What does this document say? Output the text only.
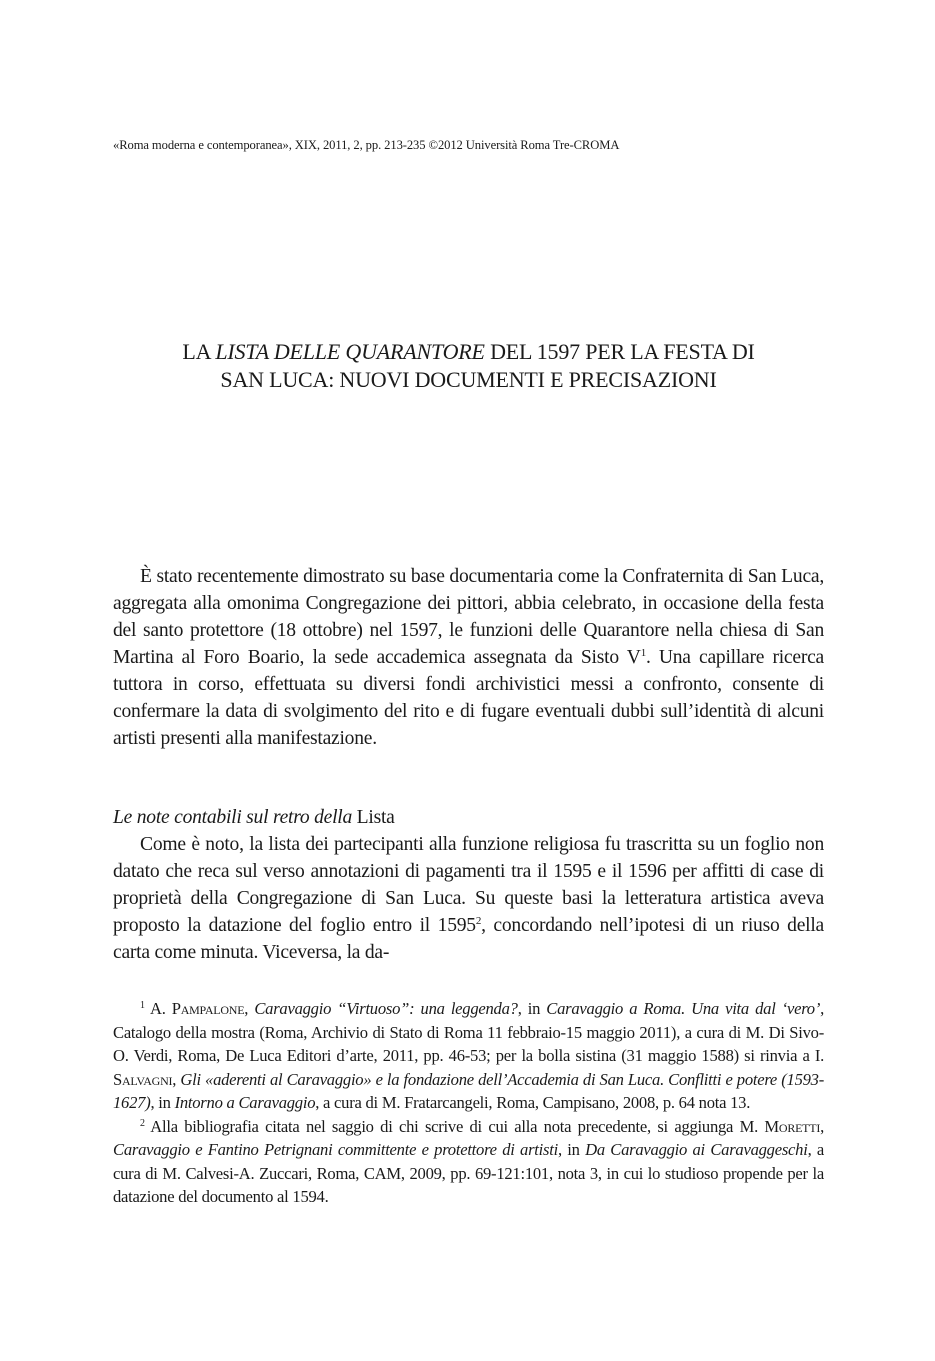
«Roma moderna e contemporanea», XIX, 2011, 2, pp. 213-235 ©2012 Università Roma Tre-CROMA
LA LISTA DELLE QUARANTORE DEL 1597 PER LA FESTA DI
SAN LUCA: NUOVI DOCUMENTI E PRECISAZIONI

È stato recentemente dimostrato su base documentaria come la Confraternita di San Luca, aggregata alla omonima Congregazione dei pittori, abbia celebrato, in occasione della festa del santo protettore (18 ottobre) nel 1597, le funzioni delle Quarantore nella chiesa di San Martina al Foro Boario, la sede accademica assegnata da Sisto $V^1$. Una capillare ricerca tuttora in corso, effettuata su diversi fondi archivistici messi a confronto, consente di confermare la data di svolgimento del rito e di fugare eventuali dubbi sull’identità di alcuni artisti presenti alla manifestazione.

Le note contabili sul retro della Lista

Come è noto, la lista dei partecipanti alla funzione religiosa fu trascritta su un foglio non datato che reca sul verso annotazioni di pagamenti tra il 1595 e il 1596 per affitti di case di proprietà della Congregazione di San Luca. Su queste basi la letteratura artistica aveva proposto la datazione del foglio entro il 1595$^2$, concordando nell’ipotesi di un riuso della carta come minuta. Viceversa, la da-

$^1$ A. Pampalone, Caravaggio “Virtuoso”: una leggenda?, in Caravaggio a Roma. Una vita dal ‘vero’, Catalogo della mostra (Roma, Archivio di Stato di Roma 11 febbraio-15 maggio 2011), a cura di M. Di Sivo-O. Verdi, Roma, De Luca Editori d’arte, 2011, pp. 46-53; per la bolla sistina (31 maggio 1588) si rinvia a I. Salvagni, Gli «aderenti al Caravaggio» e la fondazione dell’Accademia di San Luca. Conflitti e potere (1593-1627), in Intorno a Caravaggio, a cura di M. Fratarcangeli, Roma, Campisano, 2008, p. 64 nota 13.

$^2$ Alla bibliografia citata nel saggio di chi scrive di cui alla nota precedente, si aggiunga M. Moretti, Caravaggio e Fantino Petrignani committente e protettore di artisti, in Da Caravaggio ai Caravaggeschi, a cura di M. Calvesi-A. Zuccari, Roma, CAM, 2009, pp. 69-121:101, nota 3, in cui lo studioso propende per la datazione del documento al 1594.
